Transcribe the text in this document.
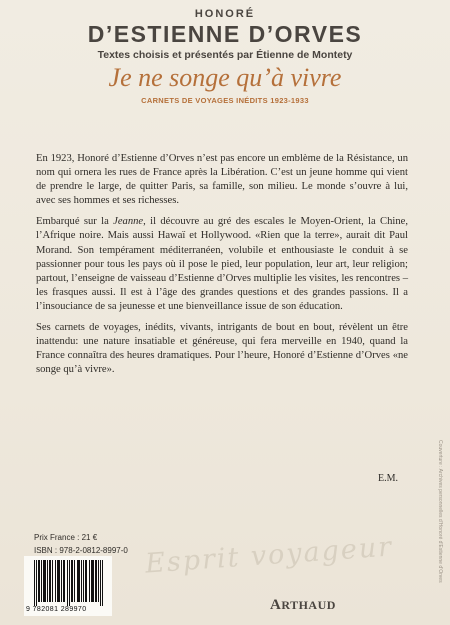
HONORÉ
D’ESTIENNE D’ORVES
Textes choisis et présentés par Étienne de Montety
Je ne songe qu’à vivre
CARNETS DE VOYAGES INÉDITS 1923-1933

En 1923, Honoré d’Estienne d’Orves n’est pas encore un emblème de la Résistance, un nom qui ornera les rues de France après la Libération. C’est un jeune homme qui vient de prendre le large, de quitter Paris, sa famille, son milieu. Le monde s’ouvre à lui, avec ses hommes et ses richesses.

Embarqué sur la Jeanne, il découvre au gré des escales le Moyen-Orient, la Chine, l’Afrique noire. Mais aussi Hawaï et Hollywood. «Rien que la terre», aurait dit Paul Morand. Son tempérament méditerranéen, volubile et enthousiaste le conduit à se passionner pour tous les pays où il pose le pied, leur population, leur art, leur religion; partout, l’enseigne de vaisseau d’Estienne d’Orves multiplie les visites, les rencontres – les frasques aussi. Il est à l’âge des grandes questions et des grandes passions. Il a l’insouciance de sa jeunesse et une bienveillance issue de son éducation.

Ses carnets de voyages, inédits, vivants, intrigants de bout en bout, révèlent un être inattendu: une nature insatiable et généreuse, qui fera merveille en 1940, quand la France connaîtra des heures dramatiques. Pour l’heure, Honoré d’Estienne d’Orves «ne songe qu’à vivre».

E.M.
Prix France : 21 €
ISBN : 978-2-0812-8997-0
9 782081 289970
Esprit voyageur
ARTHAUD
Couverture : Archives personnelles d’Honoré d’Estienne d’Orves
